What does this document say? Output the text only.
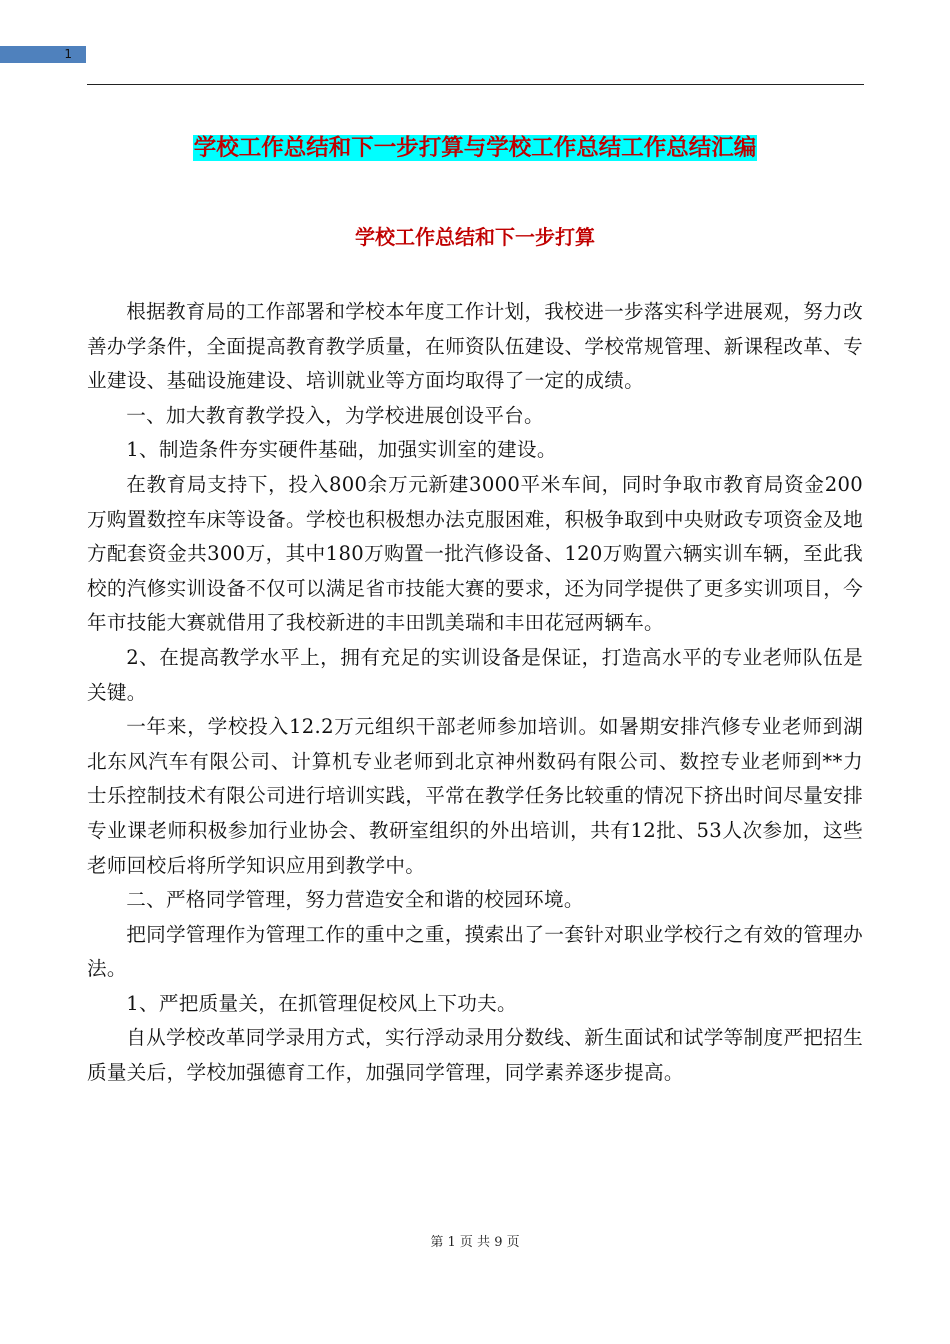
1
学校工作总结和下一步打算与学校工作总结工作总结汇编
学校工作总结和下一步打算

根据教育局的工作部署和学校本年度工作计划，我校进一步落实科学进展观，努力改善办学条件，全面提高教育教学质量，在师资队伍建设、学校常规管理、新课程改革、专业建设、基础设施建设、培训就业等方面均取得了一定的成绩。

一、加大教育教学投入，为学校进展创设平台。

1、制造条件夯实硬件基础，加强实训室的建设。

在教育局支持下，投入800余万元新建3000平米车间，同时争取市教育局资金200万购置数控车床等设备。学校也积极想办法克服困难，积极争取到中央财政专项资金及地方配套资金共300万，其中180万购置一批汽修设备、120万购置六辆实训车辆，至此我校的汽修实训设备不仅可以满足省市技能大赛的要求，还为同学提供了更多实训项目，今年市技能大赛就借用了我校新进的丰田凯美瑞和丰田花冠两辆车。

2、在提高教学水平上，拥有充足的实训设备是保证，打造高水平的专业老师队伍是关键。

一年来，学校投入12.2万元组织干部老师参加培训。如暑期安排汽修专业老师到湖北东风汽车有限公司、计算机专业老师到北京神州数码有限公司、数控专业老师到**力士乐控制技术有限公司进行培训实践，平常在教学任务比较重的情况下挤出时间尽量安排专业课老师积极参加行业协会、教研室组织的外出培训，共有12批、53人次参加，这些老师回校后将所学知识应用到教学中。

二、严格同学管理，努力营造安全和谐的校园环境。

把同学管理作为管理工作的重中之重，摸索出了一套针对职业学校行之有效的管理办法。

1、严把质量关，在抓管理促校风上下功夫。

自从学校改革同学录用方式，实行浮动录用分数线、新生面试和试学等制度严把招生质量关后，学校加强德育工作，加强同学管理，同学素养逐步提高。

第 1 页 共 9 页
